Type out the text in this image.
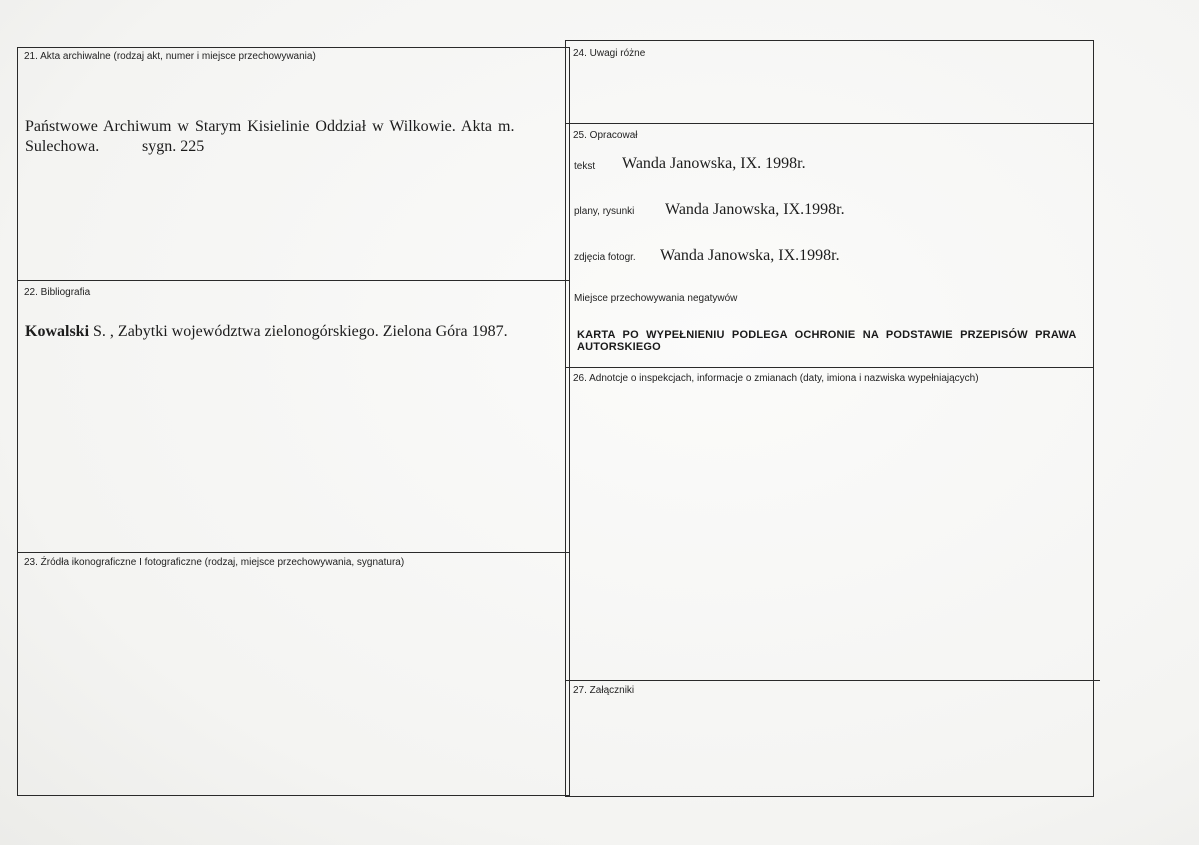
21. Akta archiwalne (rodzaj akt, numer i miejsce przechowywania)
Państwowe Archiwum w Starym Kisielinie Oddział w Wilkowie. Akta m.
Sulechowa.	sygn. 225
22. Bibliografia
Kowalski S. , Zabytki województwa zielonogórskiego. Zielona Góra 1987.
23. Źródła ikonograficzne I fotograficzne (rodzaj, miejsce przechowywania, sygnatura)
24. Uwagi różne
25. Opracował
tekst Wanda Janowska, IX. 1998r.
plany, rysunki Wanda Janowska, IX.1998r.
zdjęcia fotogr. Wanda Janowska, IX.1998r.
Miejsce przechowywania negatywów
KARTA PO WYPEŁNIENIU PODLEGA OCHRONIE NA PODSTAWIE PRZEPISÓW PRAWA AUTORSKIEGO
26. Adnotcje o inspekcjach, informacje o zmianach (daty, imiona i nazwiska wypełniających)
27. Załączniki
